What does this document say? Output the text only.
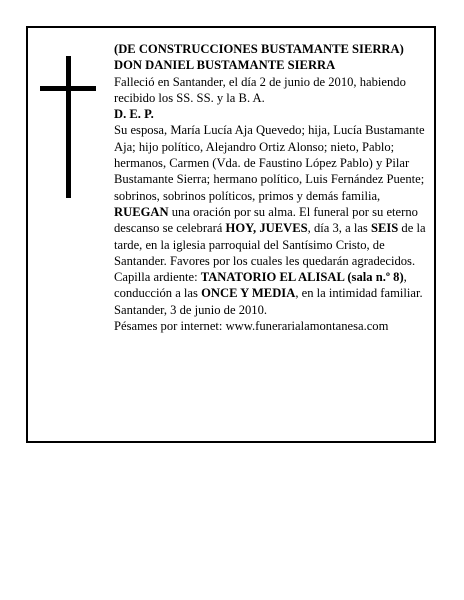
(DE CONSTRUCCIONES BUSTAMANTE SIERRA)

DON DANIEL BUSTAMANTE SIERRA

Falleció en Santander, el día 2 de junio de 2010, habiendo recibido los SS. SS. y la B. A.

D. E. P.

Su esposa, María Lucía Aja Quevedo; hija, Lucía Bustamante Aja; hijo político, Alejandro Ortiz Alonso; nieto, Pablo; hermanos, Carmen (Vda. de Faustino López Pablo) y Pilar Bustamante Sierra; hermano político, Luis Fernández Puente; sobrinos, sobrinos políticos, primos y demás familia,

RUEGAN una oración por su alma. El funeral por su eterno descanso se celebrará HOY, JUEVES, día 3, a las SEIS de la tarde, en la iglesia parroquial del Santísimo Cristo, de Santander. Favores por los cuales les quedarán agradecidos. Capilla ardiente: TANATORIO EL ALISAL (sala n.º 8), conducción a las ONCE Y MEDIA, en la intimidad familiar.

Santander, 3 de junio de 2010.

Pésames por internet: www.funerarialamontanesa.com
